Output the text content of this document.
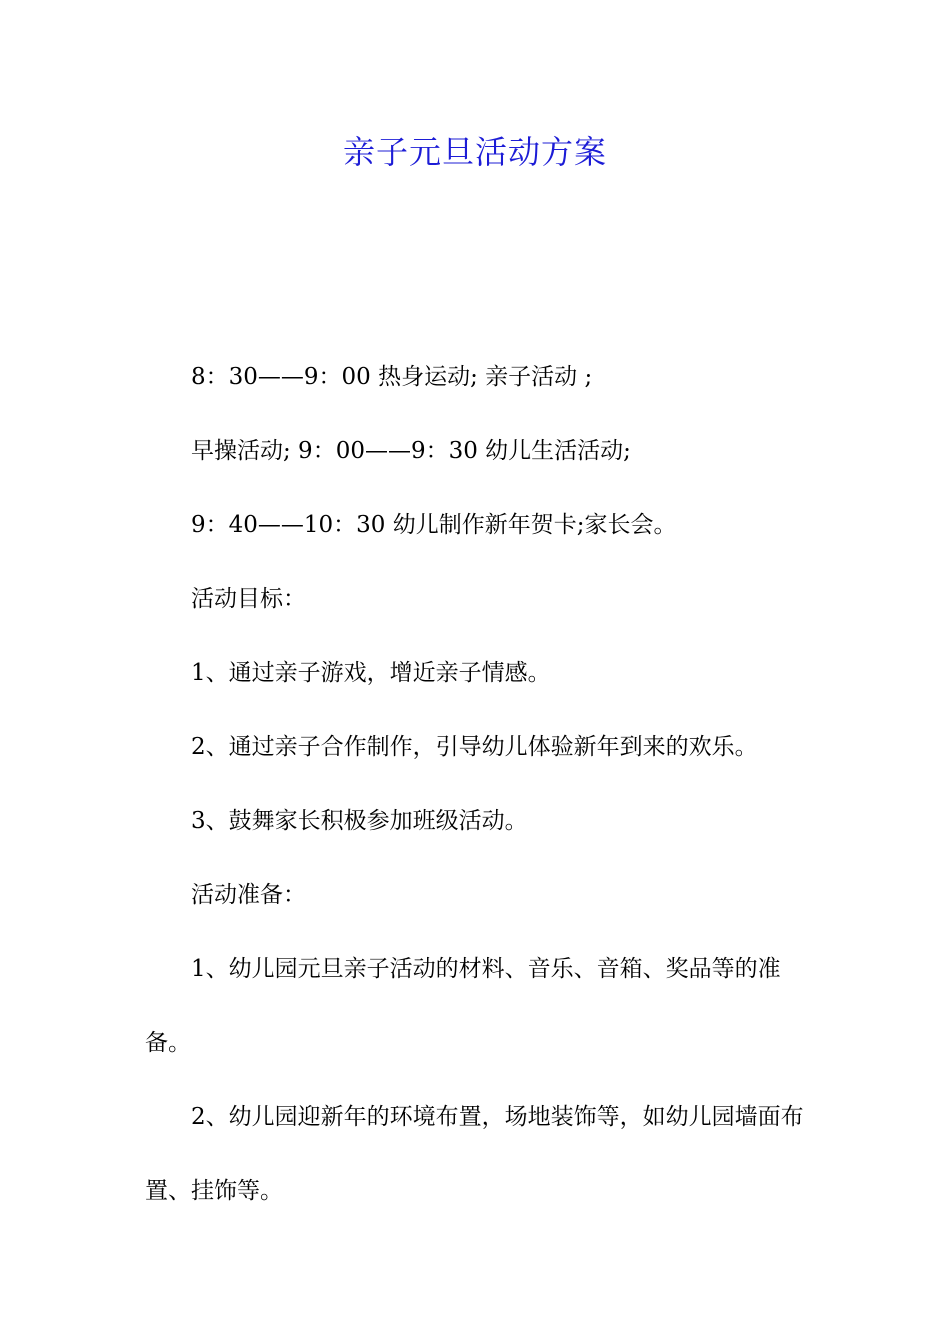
亲子元旦活动方案

8：30——9：00 热身运动; 亲子活动 ;

早操活动; 9：00——9：30 幼儿生活活动;

9：40——10：30 幼儿制作新年贺卡;家长会。

活动目标：

1、通过亲子游戏，增近亲子情感。

2、通过亲子合作制作，引导幼儿体验新年到来的欢乐。

3、鼓舞家长积极参加班级活动。

活动准备：

1、幼儿园元旦亲子活动的材料、音乐、音箱、奖品等的准备。

2、幼儿园迎新年的环境布置，场地装饰等，如幼儿园墙面布置、挂饰等。
